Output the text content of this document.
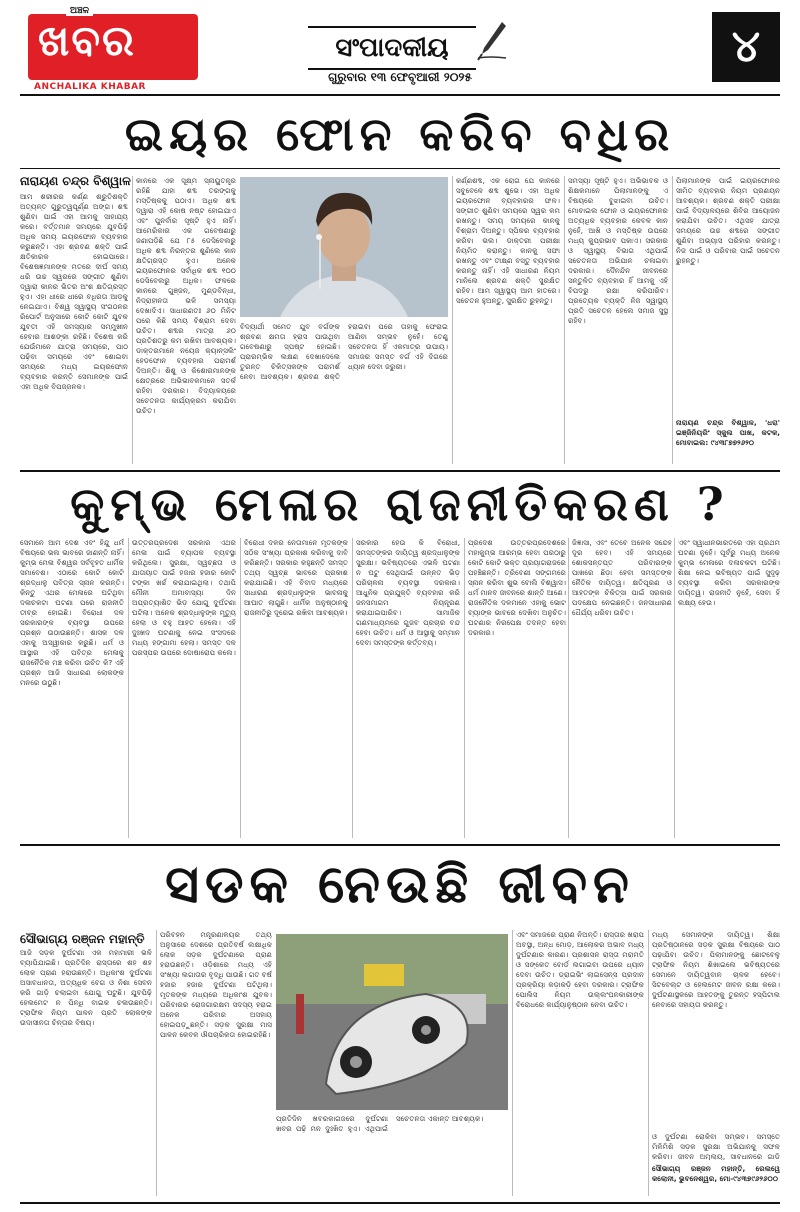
ଅଞ୍ଚଳ
ଖବର
ANCHALIKA KHABAR
ସଂପାଦକୀୟ
ଗୁରୁବାର ୧୩ ଫେବୃଆରୀ ୨୦୨୫
୪
ଇୟର ଫୋନ କରିବ ବଧିର
ନାରାୟଣ ଚନ୍ଦ୍ର ବିଶ୍ୱାଳ
ଆମ ଶରୀରର କର୍ଣ୍ଣ ଶ୍ରୁତିଶକ୍ତି ଅତ୍ୟନ୍ତ ଗୁରୁତ୍ୱପୂର୍ଣ୍ଣ ଅଙ୍ଗ। ଶବ୍ଦ ଶୁଣିବା ପାଇଁ ଏହା ଆମକୁ ସାହାଯ୍ୟ କରେ। ବର୍ତ୍ତମାନ ସମୟରେ ଯୁବପିଢ଼ି ଅଧିକ ସମୟ ଇୟରଫୋନ ବ୍ୟବହାର କରୁଛନ୍ତି। ଏହା ଶ୍ରବଣ ଶକ୍ତି ପାଇଁ କ୍ଷତିକାରକ ହୋଇପାରେ। ବିଶେଷଜ୍ଞମାନଙ୍କ ମତରେ ଦୀର୍ଘ ସମୟ ଧରି ଉଚ୍ଚ ସ୍ୱରରେ ସଙ୍ଗୀତ ଶୁଣିବା ଦ୍ୱାରା କାନର ଭିତର ଅଂଶ କ୍ଷତିଗ୍ରସ୍ତ ହୁଏ। ଏହା ଧୀରେ ଧୀରେ ବଧିରତା ଆଡ଼କୁ ନେଇଯାଏ। ବିଶ୍ୱ ସ୍ୱାସ୍ଥ୍ୟ ସଂଗଠନର ରିପୋର୍ଟ ଅନୁସାରେ କୋଟି କୋଟି ଯୁବକ ଯୁବତୀ ଏହି ସମସ୍ୟାର ସମ୍ମୁଖୀନ ହେବାର ଆଶଙ୍କା ରହିଛି। ବିଶେଷ କରି ଯେଉଁମାନେ ଯାତ୍ରା ସମୟରେ, ପାଠ ପଢ଼ିବା ସମୟରେ ଏବଂ ଶୋଇବା ସମୟରେ ମଧ୍ୟ ଇୟରଫୋନ ବ୍ୟବହାର କରନ୍ତି ସେମାନଙ୍କ ପାଇଁ ଏହା ଅଧିକ ବିପଜ୍ଜନକ।
କାନରେ ଏକ ସୂକ୍ଷ୍ମ ସ୍ନାୟୁତନ୍ତ୍ର ରହିଛି ଯାହା ଶବ୍ଦ ତରଙ୍ଗକୁ ମସ୍ତିଷ୍କକୁ ପଠାଏ। ଅଧିକ ଶବ୍ଦ ଦ୍ୱାରା ଏହି କୋଷ ନଷ୍ଟ ହୋଇଯାଏ ଏବଂ ପୁନର୍ବାର ସୃଷ୍ଟି ହୁଏ ନାହିଁ। ଆମେରିକାର ଏକ ଗବେଷଣାରୁ ଜଣାପଡ଼ିଛି ଯେ ୮୫ ଡେସିବେଲରୁ ଅଧିକ ଶବ୍ଦ ନିରନ୍ତର ଶୁଣିଲେ କାନ କ୍ଷତିଗ୍ରସ୍ତ ହୁଏ। ଅନେକ ଇୟରଫୋନର ସର୍ବାଧିକ ଶବ୍ଦ ୧୦୦ ଡେସିବେଲରୁ ଅଧିକ। ଫଳରେ କାନରେ ଗୁଞ୍ଜନ, ମୁଣ୍ଡବିନ୍ଧା, ନିଦ୍ରାହୀନତା ଭଳି ସମସ୍ୟା ଦେଖାଦିଏ। ସାଧାରଣତଃ ୬୦ ମିନିଟ ପରେ କିଛି ସମୟ ବିଶ୍ରାମ ଦେବା ଉଚିତ। ଶବ୍ଦର ମାତ୍ରା ୬୦ ପ୍ରତିଶତରୁ କମ ରଖିବା ଆବଶ୍ୟକ। ଡାକ୍ତରମାନେ ନୟେଜ କ୍ୟାନ୍ସଲିଂ ହେଡଫୋନ ବ୍ୟବହାର ପରାମର୍ଶ ଦିଅନ୍ତି। ଶିଶୁ ଓ କିଶୋରମାନଙ୍କ କ୍ଷେତ୍ରରେ ଅଭିଭାବକମାନେ ସତର୍କ ରହିବା ଦରକାର। ବିଦ୍ୟାଳୟରେ ସଚେତନତା କାର୍ଯ୍ୟକ୍ରମ କରାଯିବା ଉଚିତ।
ବିଦ୍ୟାର୍ଥୀ ସମେତ ଯୁବ ବର୍ଗଙ୍କ ଶ୍ରବଣ କ୍ଷମତା ହ୍ରାସ ପାଉଥିବା ଗବେଷଣାରୁ ସ୍ପଷ୍ଟ ହୋଇଛି। ପ୍ରାରମ୍ଭିକ ଲକ୍ଷଣ ଦେଖାଦେଲେ ତୁରନ୍ତ ଚିକିତ୍ସକଙ୍କ ପରାମର୍ଶ ନେବା ଆବଶ୍ୟକ। ଶ୍ରବଣ ଶକ୍ତି ହରାଇବା ପରେ ତାହାକୁ ଫେରାଇ ଆଣିବା ସମ୍ଭବ ନୁହେଁ। ତେଣୁ ସଚେତନତା ହିଁ ଏକମାତ୍ର ଉପାୟ। ସମାଜର ସମସ୍ତ ବର୍ଗ ଏହି ଦିଗରେ ଧ୍ୟାନ ଦେବା ଜରୁରୀ।
କର୍ଣ୍ଣଶବ୍ଦ, ଏକ ରୋଗ ଯେ କାନରେ ସବୁବେଳେ ଶବ୍ଦ ଶୁଭେ। ଏହା ଅଧିକ ଇୟରଫୋନ ବ୍ୟବହାରର ଫଳ। ସଙ୍ଗୀତ ଶୁଣିବା ସମୟରେ ସ୍ୱର କମ ରଖନ୍ତୁ। ସମୟ ସମୟରେ କାନକୁ ବିଶ୍ରାମ ଦିଅନ୍ତୁ। ସ୍ପିକର ବ୍ୟବହାର କରିବା ଭଲ। ଡାକ୍ତରୀ ପରୀକ୍ଷା ନିୟମିତ କରାନ୍ତୁ। କାନକୁ ସଫା ରଖନ୍ତୁ ଏବଂ ତୀକ୍ଷ୍ଣ ବସ୍ତୁ ବ୍ୟବହାର କରନ୍ତୁ ନାହିଁ। ଏହି ସାଧାରଣ ନିୟମ ମାନିଲେ ଶ୍ରବଣ ଶକ୍ତି ସୁରକ୍ଷିତ ରହିବ। ଆମ ସ୍ୱାସ୍ଥ୍ୟ ଆମ ହାତରେ। ସଚେତନ ହୁଅନ୍ତୁ, ସୁରକ୍ଷିତ ରୁହନ୍ତୁ।
ସମସ୍ୟା ସୃଷ୍ଟି ହୁଏ। ଅଭିଭାବକ ଓ ଶିକ୍ଷକମାନେ ପିଲାମାନଙ୍କୁ ଏ ବିଷୟରେ ବୁଝାଇବା ଉଚିତ। ମୋବାଇଲ ଫୋନ ଓ ଇୟରଫୋନର ଅତ୍ୟଧିକ ବ୍ୟବହାର କେବଳ କାନ ନୁହେଁ, ଆଖି ଓ ମସ୍ତିଷ୍କ ଉପରେ ମଧ୍ୟ କୁପ୍ରଭାବ ପକାଏ। ସରକାର ଓ ସ୍ୱାସ୍ଥ୍ୟ ବିଭାଗ ଏଥିପାଇଁ ସଚେତନତା ଅଭିଯାନ ଚଳାଇବା ଦରକାର। ଦୈନନ୍ଦିନ ଜୀବନରେ ସନ୍ତୁଳିତ ବ୍ୟବହାର ହିଁ ଆମକୁ ଏହି ବିପଦରୁ ରକ୍ଷା କରିପାରିବ। ପ୍ରତ୍ୟେକ ବ୍ୟକ୍ତି ନିଜ ସ୍ୱାସ୍ଥ୍ୟ ପ୍ରତି ସଚେତନ ହେଲେ ସମାଜ ସୁସ୍ଥ ରହିବ।
ପିଲାମାନଙ୍କ ପାଇଁ ଇୟରଫୋନର ସୀମିତ ବ୍ୟବହାର ନିୟମ ପ୍ରଣୟନ ଆବଶ୍ୟକ। ଶ୍ରବଣ ଶକ୍ତି ପରୀକ୍ଷା ପାଇଁ ବିଦ୍ୟାଳୟରେ ଶିବିର ଆୟୋଜନ କରାଯିବା ଉଚିତ। ଏଥିସହ ଯାତ୍ରା ସମୟରେ ଉଚ୍ଚ ଶବ୍ଦରେ ସଙ୍ଗୀତ ଶୁଣିବା ଅଭ୍ୟାସ ପରିହାର କରନ୍ତୁ। ନିଜ ପାଇଁ ଓ ପରିବାର ପାଇଁ ସଚେତନ ରୁହନ୍ତୁ।
ନାରାୟଣ ଚନ୍ଦ୍ର ବିଶ୍ୱାଳ, 'ଧରା' ଇଞ୍ଜିନିୟରିଂ ସ୍କୁଲ ପାଖ, କଟକ, ମୋବାଇଲ: ୯୪୩୮୭୭୨୬୨୦
କୁମ୍ଭ ମେଳାର ରାଜନୀତିକରଣ ?
ସେମାନେ ଆମ ଦେଶ ଏବଂ ହିନ୍ଦୁ ଧର୍ମ ବିଷୟରେ ଭଲ ଭାବରେ ଜାଣନ୍ତି ନାହିଁ। କୁମ୍ଭ ମେଳା ବିଶ୍ୱର ସର୍ବବୃହତ ଧାର୍ମିକ ସମାବେଶ। ଏଠାରେ କୋଟି କୋଟି ଶ୍ରଦ୍ଧାଳୁ ପବିତ୍ର ସ୍ନାନ କରନ୍ତି। କିନ୍ତୁ ଏଥର ମେଳାରେ ଘଟିଥିବା ଦଳାଚକଟା ଘଟଣା ପରେ ରାଜନୀତି ତୀବ୍ର ହୋଇଛି। ବିରୋଧୀ ଦଳ ସରକାରଙ୍କ ବ୍ୟବସ୍ଥା ଉପରେ ପ୍ରଶ୍ନ ଉଠାଉଛନ୍ତି। ଶାସକ ଦଳ ଏହାକୁ ଅସ୍ୱୀକାର କରୁଛି। ଧର୍ମ ଓ ଆସ୍ଥାର ଏହି ପବିତ୍ର ମେଳାକୁ ରାଜନୈତିକ ମଞ୍ଚ କରିବା ଉଚିତ କି? ଏହି ପ୍ରଶ୍ନ ଆଜି ସାଧାରଣ ଲୋକଙ୍କ ମନରେ ଉଠୁଛି।
ଉତ୍ତରପ୍ରଦେଶ ସରକାର ଏଥର ମେଳା ପାଇଁ ବ୍ୟାପକ ବ୍ୟବସ୍ଥା କରିଥିଲେ। ସୁରକ୍ଷା, ସ୍ୱଚ୍ଛତା ଓ ଯାତାୟାତ ପାଇଁ ହଜାର ହଜାର କୋଟି ଟଙ୍କା ଖର୍ଚ୍ଚ କରାଯାଇଥିଲା। ତଥାପି ମୌନୀ ଅମାବାସ୍ୟା ଦିନ ଅପ୍ରତ୍ୟାଶିତ ଭିଡ଼ ଯୋଗୁ ଦୁର୍ଘଟଣା ଘଟିଲା। ଅନେକ ଶ୍ରଦ୍ଧାଳୁଙ୍କ ମୃତ୍ୟୁ ହେଲା ଓ ବହୁ ଆହତ ହେଲେ। ଏହି ଦୁଃଖଦ ଘଟଣାକୁ ନେଇ ସଂସଦରେ ମଧ୍ୟ ହଙ୍ଗାମା ହେଲା। ସମସ୍ତ ଦଳ ପରସ୍ପର ଉପରେ ଦୋଷାରୋପ କଲେ।
ବିରୋଧୀ ଦଳର ନେତାମାନେ ମୃତକଙ୍କ ସଠିକ ସଂଖ୍ୟା ପ୍ରକାଶ କରିବାକୁ ଦାବି କରିଛନ୍ତି। ସରକାର କହୁଛନ୍ତି ସମସ୍ତ ତଥ୍ୟ ସ୍ୱଚ୍ଛ ଭାବରେ ପ୍ରକାଶ କରାଯାଇଛି। ଏହି ବିବାଦ ମଧ୍ୟରେ ସାଧାରଣ ଶ୍ରଦ୍ଧାଳୁଙ୍କ ଭାବନାକୁ ଆଘାତ ଲାଗୁଛି। ଧାର୍ମିକ ଅନୁଷ୍ଠାନକୁ ରାଜନୀତିରୁ ଦୂରେଇ ରଖିବା ଆବଶ୍ୟକ।
ସରକାର ହେଉ କି ବିରୋଧୀ, ସମସ୍ତଙ୍କର ଦାୟିତ୍ୱ ଶ୍ରଦ୍ଧାଳୁଙ୍କ ସୁରକ୍ଷା। ଭବିଷ୍ୟତରେ ଏଭଳି ଘଟଣା ନ ଘଟୁ ସେଥିପାଇଁ ଉନ୍ନତ ଭିଡ଼ ପରିଚାଳନା ବ୍ୟବସ୍ଥା ଦରକାର। ଆଧୁନିକ ପ୍ରଯୁକ୍ତି ବ୍ୟବହାର କରି ଜନସମାଗମ ନିୟନ୍ତ୍ରଣ କରାଯାଇପାରିବ। ସାମାଜିକ ଗଣମାଧ୍ୟମରେ ଗୁଜବ ପ୍ରଚାର ବନ୍ଦ ହେବା ଉଚିତ। ଧର୍ମ ଓ ଆସ୍ଥାକୁ ସମ୍ମାନ ଦେବା ସମସ୍ତଙ୍କ କର୍ତ୍ତବ୍ୟ।
ପ୍ରଦେଶ ଉତ୍ତରପ୍ରଦେଶରେ ମହାକୁମ୍ଭ ଆରମ୍ଭ ହେବା ପରଠାରୁ କୋଟି କୋଟି ଭକ୍ତ ପ୍ରୟାଗରାଜରେ ପହଞ୍ଚିଛନ୍ତି। ତ୍ରିବେଣୀ ସଙ୍ଗମରେ ସ୍ନାନ କରିବା ଶୁଭ ବୋଲି ବିଶ୍ୱାସ। ଧର୍ମ ମାନବ ଜୀବନରେ ଶାନ୍ତି ଆଣେ। ରାଜନୈତିକ ଦଳମାନେ ଏହାକୁ ଭୋଟ ବ୍ୟାଙ୍କ ଭାବରେ ଦେଖିବା ଅନୁଚିତ। ଘଟଣାର ନିରପେକ୍ଷ ତଦନ୍ତ ହେବା ଦରକାର।
ଜିଜ୍ଞାସା, ଏବଂ ତେବେ ଅନେକ ସନ୍ଦେହ ଦୂର ହେବ। ଏହି ସମୟରେ ଶୋକସନ୍ତପ୍ତ ପରିବାରଙ୍କ ପାଖରେ ଛିଡ଼ା ହେବା ସମସ୍ତଙ୍କ ନୈତିକ ଦାୟିତ୍ୱ। କ୍ଷତିପୂରଣ ଓ ଆହତଙ୍କ ଚିକିତ୍ସା ପାଇଁ ସରକାର ପଦକ୍ଷେପ ନେଇଛନ୍ତି। ଜନସାଧାରଣ ଧୈର୍ଯ୍ୟ ଧରିବା ଉଚିତ।
ଏବଂ ସ୍ୱାଧୀନଭାରତରେ ଏହା ପ୍ରଥମ ଘଟଣା ନୁହେଁ। ପୂର୍ବରୁ ମଧ୍ୟ ଅନେକ କୁମ୍ଭ ମେଳାରେ ଦଳାଚକଟା ଘଟିଛି। ଶିକ୍ଷା ନେଇ ଭବିଷ୍ୟତ ପାଇଁ ସୁଦୃଢ଼ ବ୍ୟବସ୍ଥା କରିବା ସରକାରଙ୍କ ଦାୟିତ୍ୱ। ରାଜନୀତି ନୁହେଁ, ସେବା ହିଁ ଲକ୍ଷ୍ୟ ହେଉ।
ସଡକ ନେଉଛି ଜୀବନ
ସୌଭାଗ୍ୟ ରଞ୍ଜନ ମହାନ୍ତି
ଆଜି ସଡ଼କ ଦୁର୍ଘଟଣା ଏକ ମହାମାରୀ ଭଳି ବ୍ୟାପିଯାଇଛି। ପ୍ରତିଦିନ ରାସ୍ତାରେ ଶହ ଶହ ଲୋକ ପ୍ରାଣ ହରାଉଛନ୍ତି। ଅଧିକାଂଶ ଦୁର୍ଘଟଣା ଅସାବଧାନତା, ଅତ୍ୟଧିକ ବେଗ ଓ ନିଶା ସେବନ କରି ଗାଡ଼ି ଚଲାଇବା ଯୋଗୁ ଘଟୁଛି। ଯୁବପିଢ଼ି ହେଲମେଟ ନ ପିନ୍ଧି ବାଇକ ଚଳାଉଛନ୍ତି। ଟ୍ରାଫିକ ନିୟମ ପାଳନ ପ୍ରତି ଲୋକଙ୍କ ଉଦାସୀନତା ଚିନ୍ତାର ବିଷୟ।
ପରିବହନ ମନ୍ତ୍ରଣାଳୟର ତଥ୍ୟ ଅନୁସାରେ ଦେଶରେ ପ୍ରତିବର୍ଷ ଲକ୍ଷାଧିକ ଲୋକ ସଡ଼କ ଦୁର୍ଘଟଣାରେ ପ୍ରାଣ ହରାଉଛନ୍ତି। ଓଡ଼ିଶାରେ ମଧ୍ୟ ଏହି ସଂଖ୍ୟା ଲଗାତାର ବୃଦ୍ଧି ପାଉଛି। ଗତ ବର୍ଷ ହଜାର ହଜାର ଦୁର୍ଘଟଣା ଘଟିଥିଲା। ମୃତକଙ୍କ ମଧ୍ୟରେ ଅଧିକାଂଶ ଯୁବକ। ପରିବାରର ରୋଜଗାରକ୍ଷମ ସଦସ୍ୟ ହରାଇ ଅନେକ ପରିବାର ଅସହାୟ ହୋଇପଡ଼ୁଛନ୍ତି। ସଡ଼କ ସୁରକ୍ଷା ମାସ ପାଳନ କେବଳ ଔପଚାରିକତା ହୋଇରହିଛି।
ପ୍ରତିଦିନ ଖବରକାଗଜରେ ଦୁର୍ଘଟଣା ଖବର ପଢ଼ି ମନ ଦୁଃଖିତ ହୁଏ। ଏଥିପାଇଁ ସଚେତନତା ଏକାନ୍ତ ଆବଶ୍ୟକ।
ଏବଂ ସମାଜରେ ପ୍ରାଣ ନିଅନ୍ତି। ରାସ୍ତାର ଖରାପ ଅବସ୍ଥା, ଅନ୍ଧ ମୋଡ଼, ଆଲୋକର ଅଭାବ ମଧ୍ୟ ଦୁର୍ଘଟଣାର କାରଣ। ପ୍ରଶାସନ ରାସ୍ତା ମରାମତି ଓ ସଙ୍କେତ ବୋର୍ଡ ଲଗାଇବା ଉପରେ ଧ୍ୟାନ ଦେବା ଉଚିତ। ଡ୍ରାଇଭିଂ ଲାଇସେନ୍ସ ପ୍ରଦାନ ପ୍ରକ୍ରିୟା କଡ଼ାକଡ଼ି ହେବା ଦରକାର। ଟ୍ରାଫିକ ପୋଲିସ ନିୟମ ଉଲ୍ଲଂଘନକାରୀଙ୍କ ବିରୋଧରେ କାର୍ଯ୍ୟାନୁଷ୍ଠାନ ନେବା ଉଚିତ।
ମଧ୍ୟ ସେମାନଙ୍କ ଦାୟିତ୍ୱ। ଶିକ୍ଷା ପ୍ରତିଷ୍ଠାନରେ ସଡ଼କ ସୁରକ୍ଷା ବିଷୟରେ ପାଠ ପଢ଼ାଯିବା ଉଚିତ। ପିଲାମାନଙ୍କୁ ଛୋଟବେଳୁ ଟ୍ରାଫିକ ନିୟମ ଶିଖାଇଲେ ଭବିଷ୍ୟତରେ ସେମାନେ ଦାୟିତ୍ୱବାନ ଚାଳକ ହେବେ। ସିଟବେଲ୍ଟ ଓ ହେଲମେଟ ଜୀବନ ରକ୍ଷା କରେ। ଦୁର୍ଘଟଣାସ୍ଥଳରେ ଆହତଙ୍କୁ ତୁରନ୍ତ ହସ୍ପିଟାଲ ନେବାରେ ସହାୟତା କରନ୍ତୁ।
ଓ ଦୁର୍ଘଟଣା ରୋକିବା ସମ୍ଭବ। ସମସ୍ତେ ମିଳିମିଶି ସଡ଼କ ସୁରକ୍ଷା ଅଭିଯାନକୁ ସଫଳ କରିବା। ଜୀବନ ଅମୂଲ୍ୟ, ସାବଧାନରେ ଗାଡ଼ି
ସୌଭାଗ୍ୟ ରଞ୍ଜନ ମହାନ୍ତି, ରେଲୱେ କଲୋନୀ, ଭୁବନେଶ୍ୱର, ମୋ-୯୪୩୭୯୬୨୬୦୦
